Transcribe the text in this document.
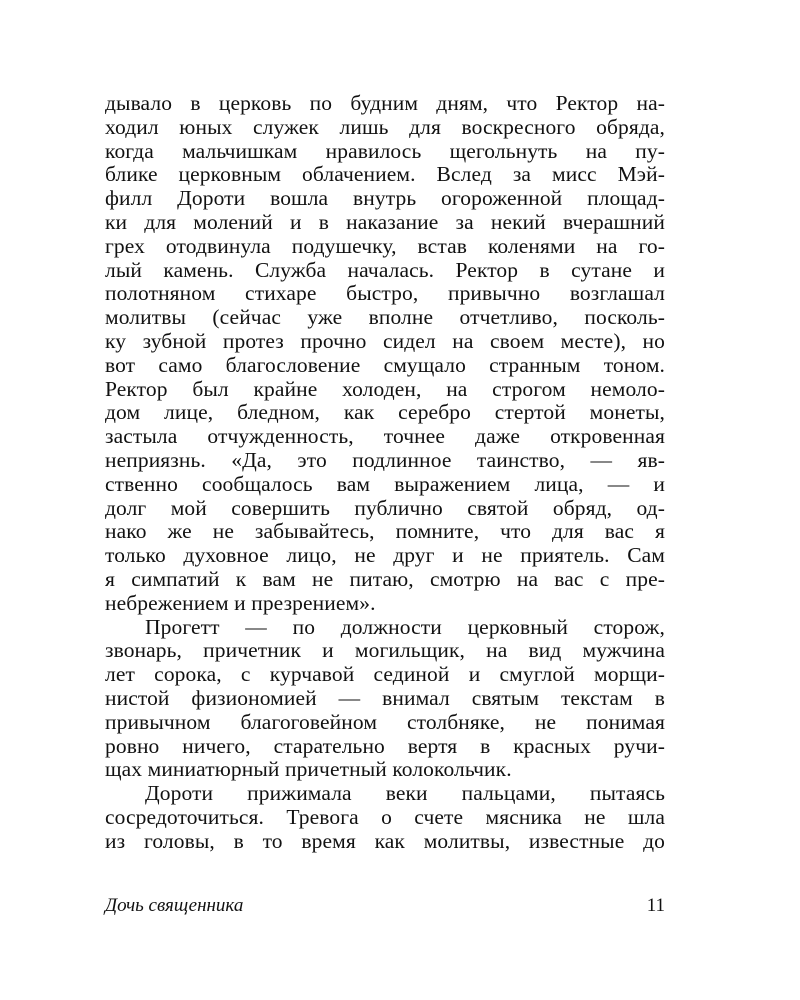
дывало в церковь по будним дням, что Ректор на-
ходил юных служек лишь для воскресного обряда,
когда мальчишкам нравилось щегольнуть на пу-
блике церковным облачением. Вслед за мисс Мэй-
филл Дороти вошла внутрь огороженной площад-
ки для молений и в наказание за некий вчерашний
грех отодвинула подушечку, встав коленями на го-
лый камень. Служба началась. Ректор в сутане и
полотняном стихаре быстро, привычно возглашал
молитвы (сейчас уже вполне отчетливо, посколь-
ку зубной протез прочно сидел на своем месте), но
вот само благословение смущало странным тоном.
Ректор был крайне холоден, на строгом немоло-
дом лице, бледном, как серебро стертой монеты,
застыла отчужденность, точнее даже откровенная
неприязнь. «Да, это подлинное таинство, — яв-
ственно сообщалось вам выражением лица, — и
долг мой совершить публично святой обряд, од-
нако же не забывайтесь, помните, что для вас я
только духовное лицо, не друг и не приятель. Сам
я симпатий к вам не питаю, смотрю на вас с пре-
небрежением и презрением».
Прогетт — по должности церковный сторож,
звонарь, причетник и могильщик, на вид мужчина
лет сорока, с курчавой сединой и смуглой морщи-
нистой физиономией — внимал святым текстам в
привычном благоговейном столбняке, не понимая
ровно ничего, старательно вертя в красных ручи-
щах миниатюрный причетный колокольчик.
Дороти прижимала веки пальцами, пытаясь
сосредоточиться. Тревога о счете мясника не шла
из головы, в то время как молитвы, известные до
Дочь священника	11
